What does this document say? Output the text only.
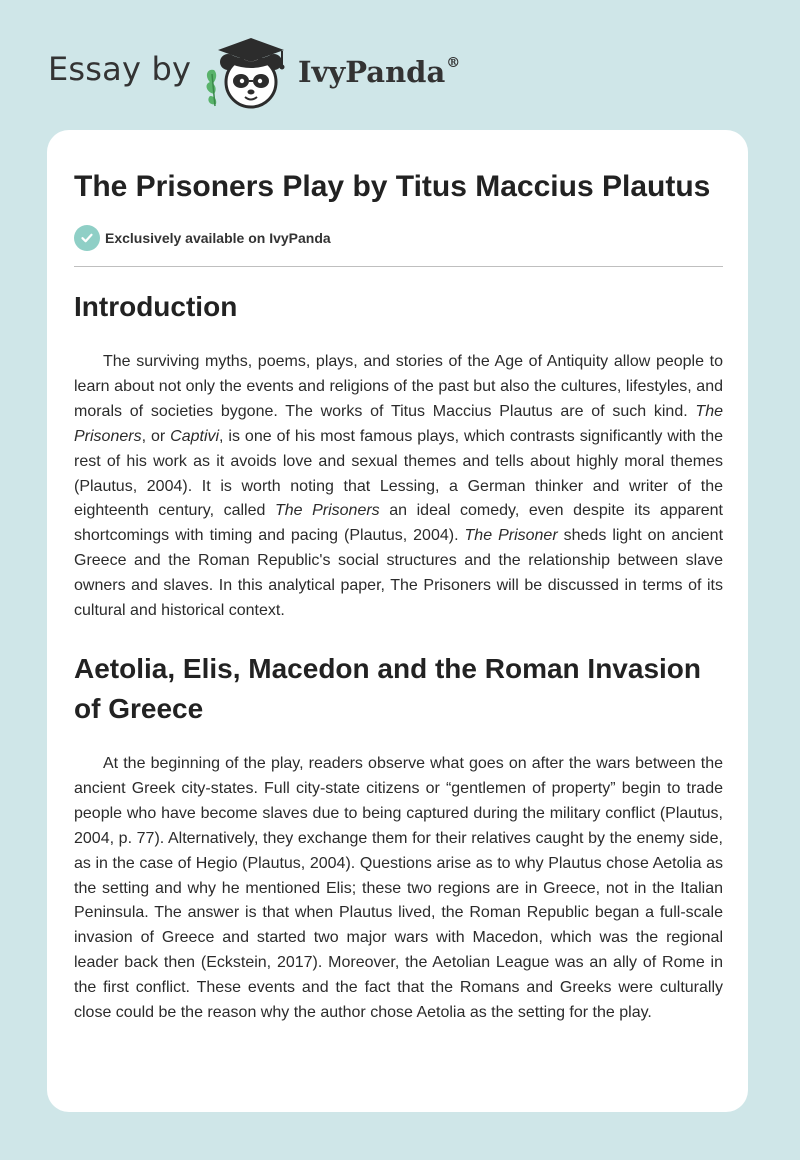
Essay by	IvyPanda®
The Prisoners Play by Titus Maccius Plautus
Exclusively available on IvyPanda
Introduction

The surviving myths, poems, plays, and stories of the Age of Antiquity allow people to learn about not only the events and religions of the past but also the cultures, lifestyles, and morals of societies bygone. The works of Titus Maccius Plautus are of such kind. The Prisoners, or Captivi, is one of his most famous plays, which contrasts significantly with the rest of his work as it avoids love and sexual themes and tells about highly moral themes (Plautus, 2004). It is worth noting that Lessing, a German thinker and writer of the eighteenth century, called The Prisoners an ideal comedy, even despite its apparent shortcomings with timing and pacing (Plautus, 2004). The Prisoner sheds light on ancient Greece and the Roman Republic's social structures and the relationship between slave owners and slaves. In this analytical paper, The Prisoners will be discussed in terms of its cultural and historical context.

Aetolia, Elis, Macedon and the Roman Invasion of Greece

At the beginning of the play, readers observe what goes on after the wars between the ancient Greek city-states. Full city-state citizens or “gentlemen of property” begin to trade people who have become slaves due to being captured during the military conflict (Plautus, 2004, p. 77). Alternatively, they exchange them for their relatives caught by the enemy side, as in the case of Hegio (Plautus, 2004). Questions arise as to why Plautus chose Aetolia as the setting and why he mentioned Elis; these two regions are in Greece, not in the Italian Peninsula. The answer is that when Plautus lived, the Roman Republic began a full-scale invasion of Greece and started two major wars with Macedon, which was the regional leader back then (Eckstein, 2017). Moreover, the Aetolian League was an ally of Rome in the first conflict. These events and the fact that the Romans and Greeks were culturally close could be the reason why the author chose Aetolia as the setting for the play.
